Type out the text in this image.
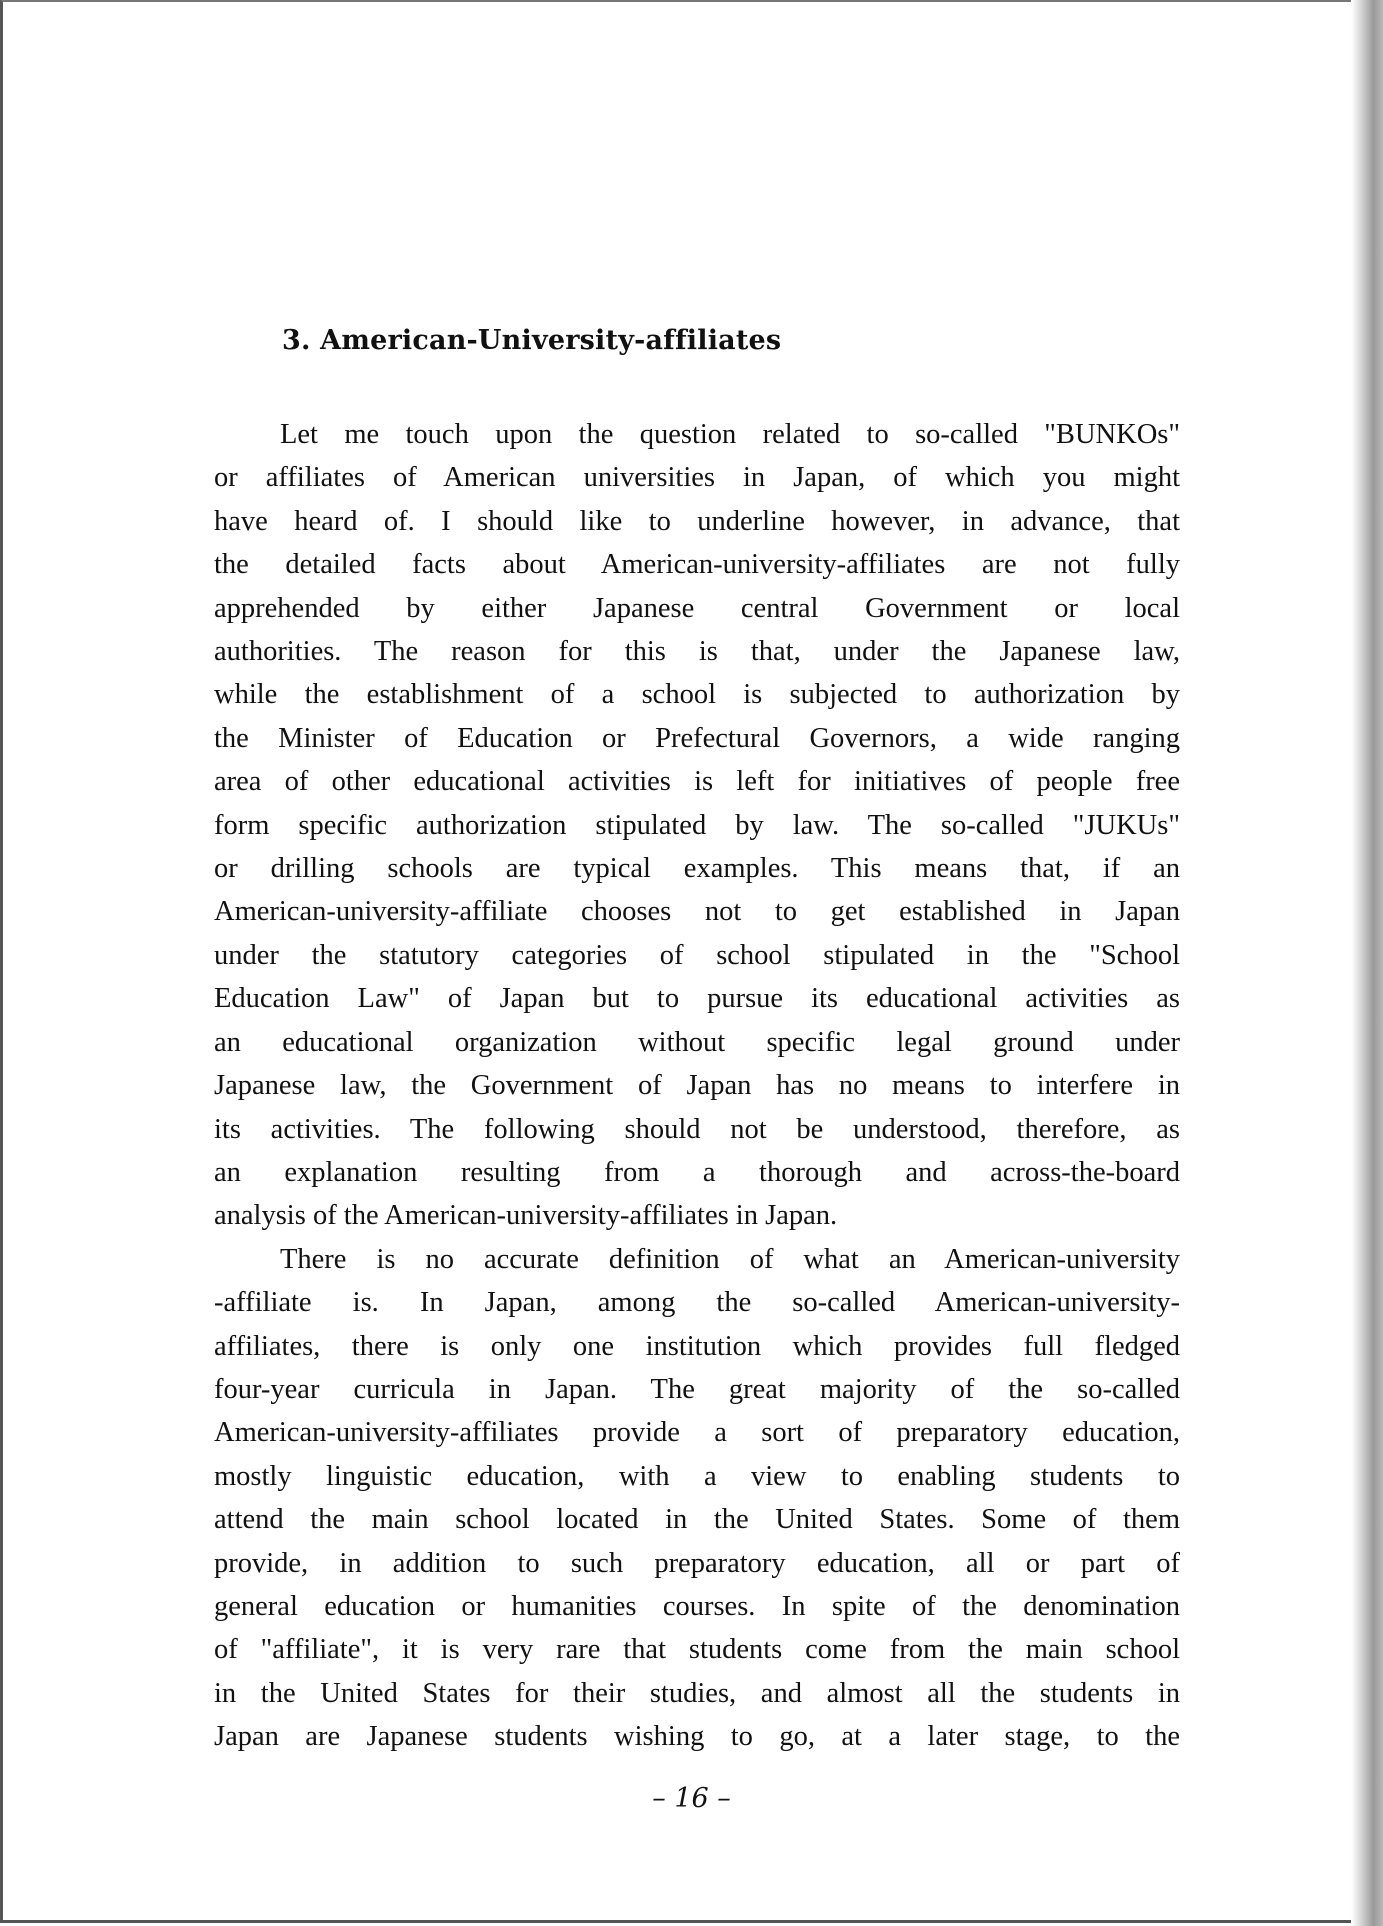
3. American-University-affiliates

Let me touch upon the question related to so-called "BUNKOs"
or affiliates of American universities in Japan, of which you might
have heard of. I should like to underline however, in advance, that
the detailed facts about American-university-affiliates are not fully
apprehended by either Japanese central Government or local
authorities. The reason for this is that, under the Japanese law,
while the establishment of a school is subjected to authorization by
the Minister of Education or Prefectural Governors, a wide ranging
area of other educational activities is left for initiatives of people free
form specific authorization stipulated by law. The so-called "JUKUs"
or drilling schools are typical examples. This means that, if an
American-university-affiliate chooses not to get established in Japan
under the statutory categories of school stipulated in the "School
Education Law" of Japan but to pursue its educational activities as
an educational organization without specific legal ground under
Japanese law, the Government of Japan has no means to interfere in
its activities. The following should not be understood, therefore, as
an explanation resulting from a thorough and across-the-board
analysis of the American-university-affiliates in Japan.

There is no accurate definition of what an American-university
-affiliate is. In Japan, among the so-called American-university-
affiliates, there is only one institution which provides full fledged
four-year curricula in Japan. The great majority of the so-called
American-university-affiliates provide a sort of preparatory education,
mostly linguistic education, with a view to enabling students to
attend the main school located in the United States. Some of them
provide, in addition to such preparatory education, all or part of
general education or humanities courses. In spite of the denomination
of "affiliate", it is very rare that students come from the main school
in the United States for their studies, and almost all the students in
Japan are Japanese students wishing to go, at a later stage, to the

– 16 –
